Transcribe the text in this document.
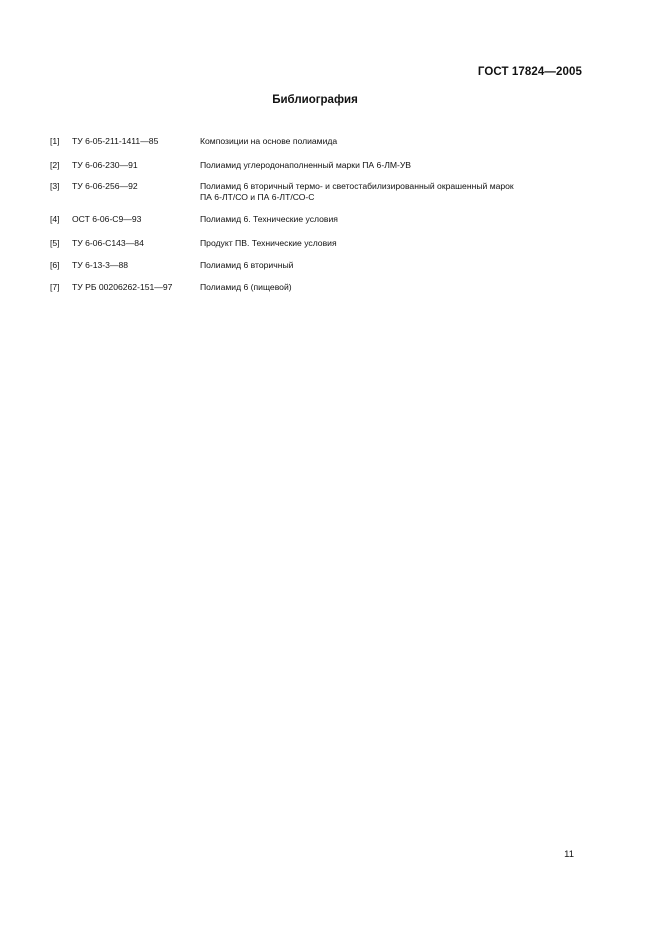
ГОСТ 17824—2005
Библиография
[1] ТУ 6-05-211-1411—85	Композиции на основе полиамида
[2] ТУ 6-06-230—91	Полиамид углеродонаполненный марки ПА 6-ЛМ-УВ
[3] ТУ 6-06-256—92	Полиамид 6 вторичный термо- и светостабилизированный окрашенный марок
ПА 6-ЛТ/СО и ПА 6-ЛТ/СО-С
[4] ОСТ 6-06-С9—93	Полиамид 6. Технические условия
[5] ТУ 6-06-С143—84	Продукт ПВ. Технические условия
[6] ТУ 6-13-3—88	Полиамид 6 вторичный
[7] ТУ РБ 00206262-151—97	Полиамид 6 (пищевой)
11
